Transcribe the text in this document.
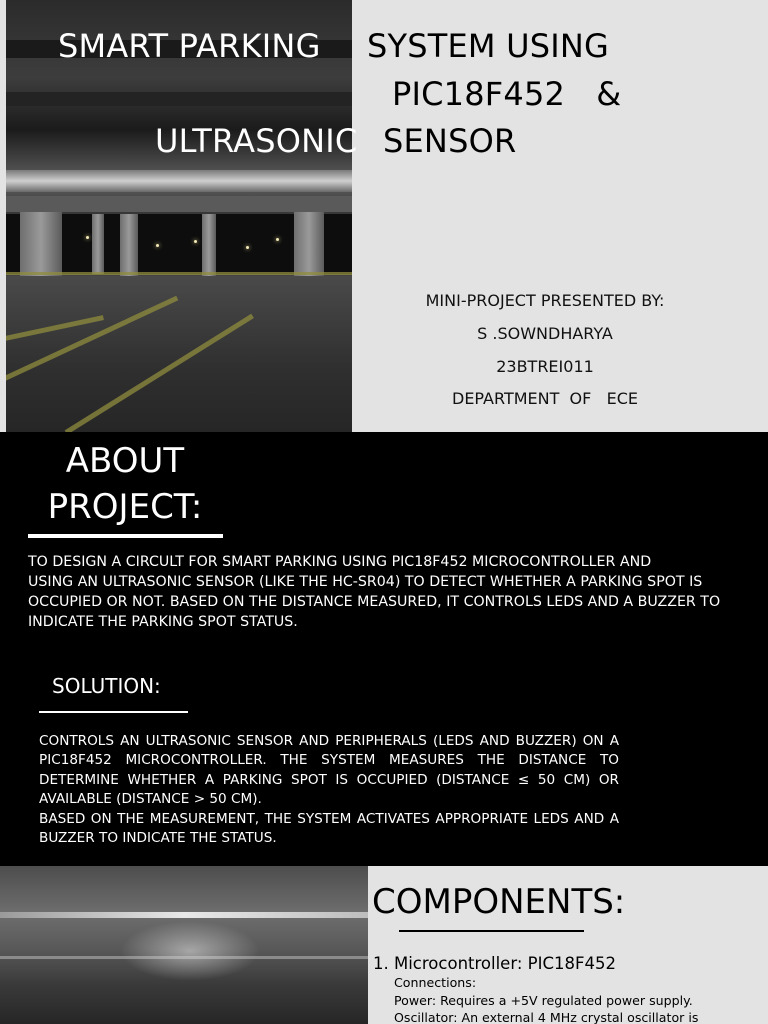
SMART PARKING SYSTEM USING
PIC18F452   &
ULTRASONIC SENSOR
MINI-PROJECT PRESENTED BY:
S .SOWNDHARYA
23BTREI011
DEPARTMENT  OF   ECE
ABOUT
PROJECT:
TO DESIGN A CIRCULT FOR SMART PARKING USING PIC18F452 MICROCONTROLLER AND
USING AN ULTRASONIC SENSOR (LIKE THE HC-SR04) TO DETECT WHETHER A PARKING SPOT IS
OCCUPIED OR NOT. BASED ON THE DISTANCE MEASURED, IT CONTROLS LEDS AND A BUZZER TO
INDICATE THE PARKING SPOT STATUS.
SOLUTION:
CONTROLS AN ULTRASONIC SENSOR AND PERIPHERALS (LEDS AND BUZZER) ON A PIC18F452 MICROCONTROLLER. THE SYSTEM MEASURES THE DISTANCE TO DETERMINE WHETHER A PARKING SPOT IS OCCUPIED (DISTANCE ≤ 50 CM) OR AVAILABLE (DISTANCE > 50 CM).
BASED ON THE MEASUREMENT, THE SYSTEM ACTIVATES APPROPRIATE LEDS AND A BUZZER TO INDICATE THE STATUS.
COMPONENTS:
1. Microcontroller: PIC18F452
Connections:
Power: Requires a +5V regulated power supply.
Oscillator: An external 4 MHz crystal oscillator is
